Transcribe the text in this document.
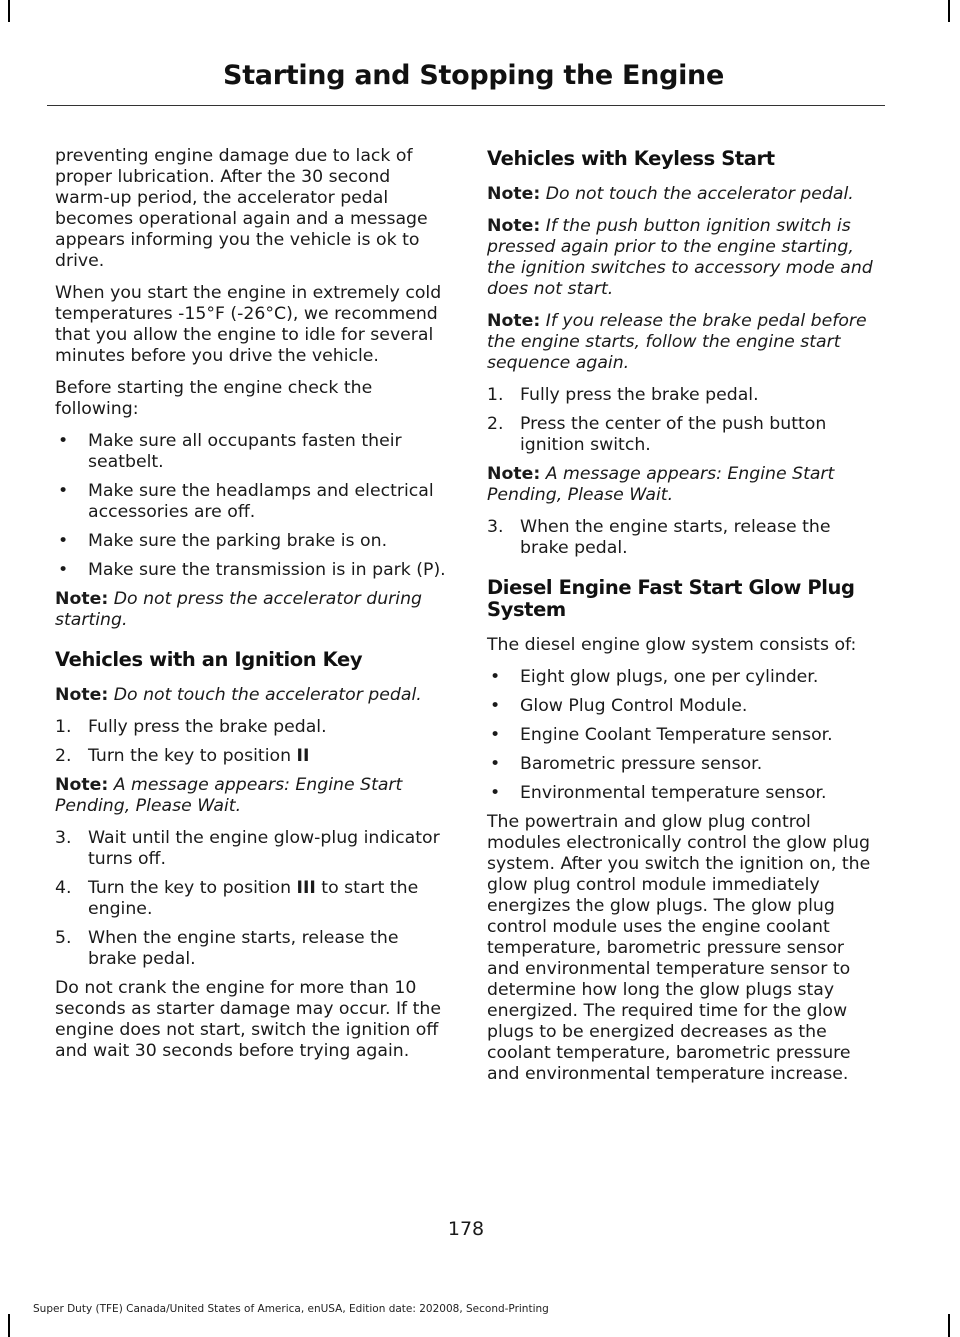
Starting and Stopping the Engine

preventing engine damage due to lack of proper lubrication. After the 30 second warm-up period, the accelerator pedal becomes operational again and a message appears informing you the vehicle is ok to drive.

When you start the engine in extremely cold temperatures -15°F (-26°C), we recommend that you allow the engine to idle for several minutes before you drive the vehicle.

Before starting the engine check the following:

• Make sure all occupants fasten their seatbelt.
• Make sure the headlamps and electrical accessories are off.
• Make sure the parking brake is on.
• Make sure the transmission is in park (P).

Note: Do not press the accelerator during starting.

Vehicles with an Ignition Key

Note: Do not touch the accelerator pedal.

1. Fully press the brake pedal.
2. Turn the key to position II

Note: A message appears: Engine Start Pending, Please Wait.

3. Wait until the engine glow-plug indicator turns off.
4. Turn the key to position III to start the engine.
5. When the engine starts, release the brake pedal.

Do not crank the engine for more than 10 seconds as starter damage may occur. If the engine does not start, switch the ignition off and wait 30 seconds before trying again.

Vehicles with Keyless Start

Note: Do not touch the accelerator pedal.

Note: If the push button ignition switch is pressed again prior to the engine starting, the ignition switches to accessory mode and does not start.

Note: If you release the brake pedal before the engine starts, follow the engine start sequence again.

1. Fully press the brake pedal.
2. Press the center of the push button ignition switch.

Note: A message appears: Engine Start Pending, Please Wait.

3. When the engine starts, release the brake pedal.
Diesel Engine Fast Start Glow Plug System

The diesel engine glow system consists of:

• Eight glow plugs, one per cylinder.
• Glow Plug Control Module.
• Engine Coolant Temperature sensor.
• Barometric pressure sensor.
• Environmental temperature sensor.

The powertrain and glow plug control modules electronically control the glow plug system. After you switch the ignition on, the glow plug control module immediately energizes the glow plugs. The glow plug control module uses the engine coolant temperature, barometric pressure sensor and environmental temperature sensor to determine how long the glow plugs stay energized. The required time for the glow plugs to be energized decreases as the coolant temperature, barometric pressure and environmental temperature increase.

178
Super Duty (TFE) Canada/United States of America, enUSA, Edition date: 202008, Second-Printing
